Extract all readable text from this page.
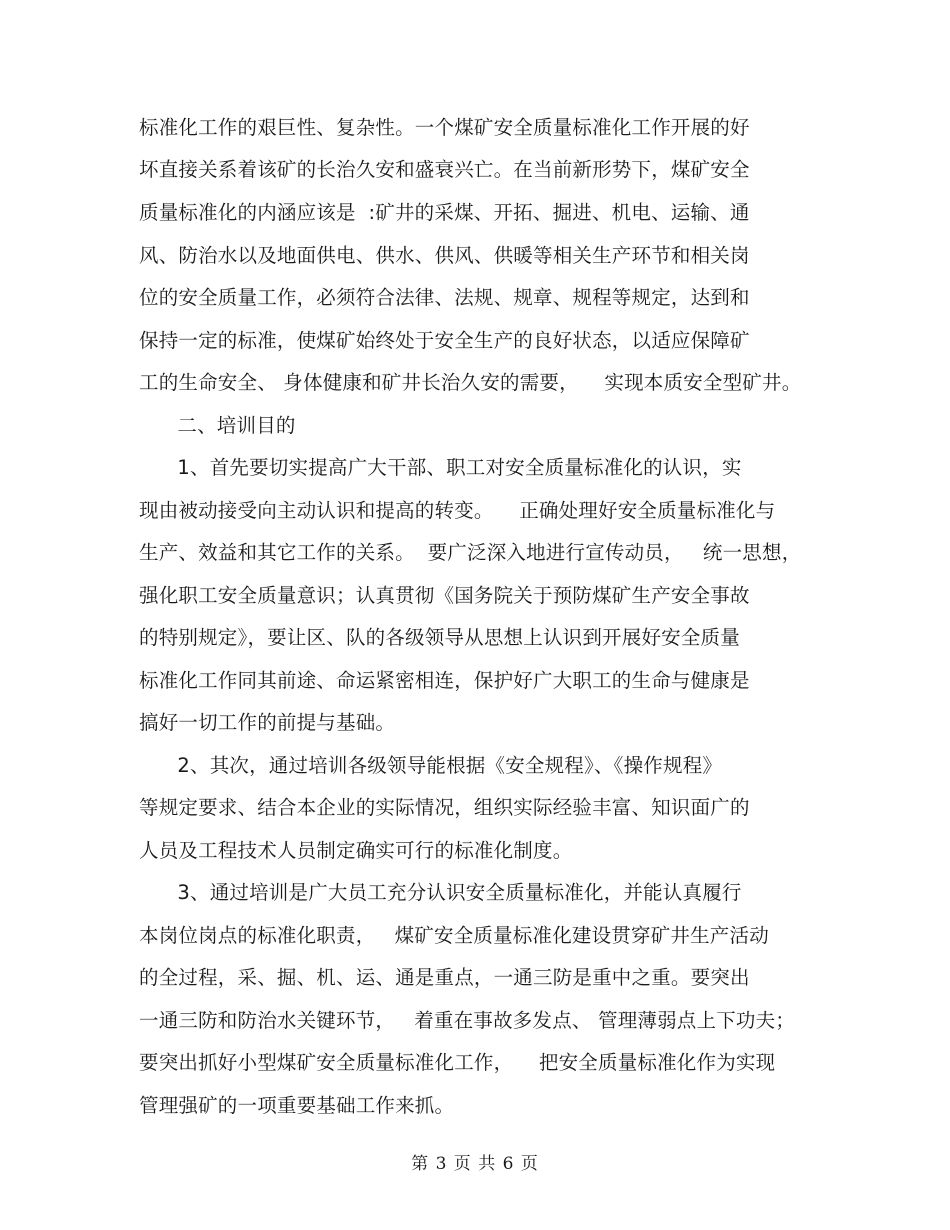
标准化工作的艰巨性、复杂性。一个煤矿安全质量标准化工作开展的好
坏直接关系着该矿的长治久安和盛衰兴亡。在当前新形势下，煤矿安全
质量标准化的内涵应该是  :矿井的采煤、开拓、掘进、机电、运输、通
风、防治水以及地面供电、供水、供风、供暖等相关生产环节和相关岗
位的安全质量工作，必须符合法律、法规、规章、规程等规定，达到和
保持一定的标准，使煤矿始终处于安全生产的良好状态，以适应保障矿
工的生命安全、 身体健康和矿井长治久安的需要，    实现本质安全型矿井。
二、培训目的
1、首先要切实提高广大干部、职工对安全质量标准化的认识，实
现由被动接受向主动认识和提高的转变。    正确处理好安全质量标准化与
生产、效益和其它工作的关系。  要广泛深入地进行宣传动员，   统一思想，
强化职工安全质量意识；认真贯彻《国务院关于预防煤矿生产安全事故
的特别规定》，要让区、队的各级领导从思想上认识到开展好安全质量
标准化工作同其前途、命运紧密相连，保护好广大职工的生命与健康是
搞好一切工作的前提与基础。
2、其次，通过培训各级领导能根据《安全规程》、《操作规程》
等规定要求、结合本企业的实际情况，组织实际经验丰富、知识面广的
人员及工程技术人员制定确实可行的标准化制度。
3、通过培训是广大员工充分认识安全质量标准化，并能认真履行
本岗位岗点的标准化职责，   煤矿安全质量标准化建设贯穿矿井生产活动
的全过程，采、掘、机、运、通是重点，一通三防是重中之重。要突出
一通三防和防治水关键环节，   着重在事故多发点、 管理薄弱点上下功夫；
要突出抓好小型煤矿安全质量标准化工作，    把安全质量标准化作为实现
管理强矿的一项重要基础工作来抓。
第 3 页 共 6 页
